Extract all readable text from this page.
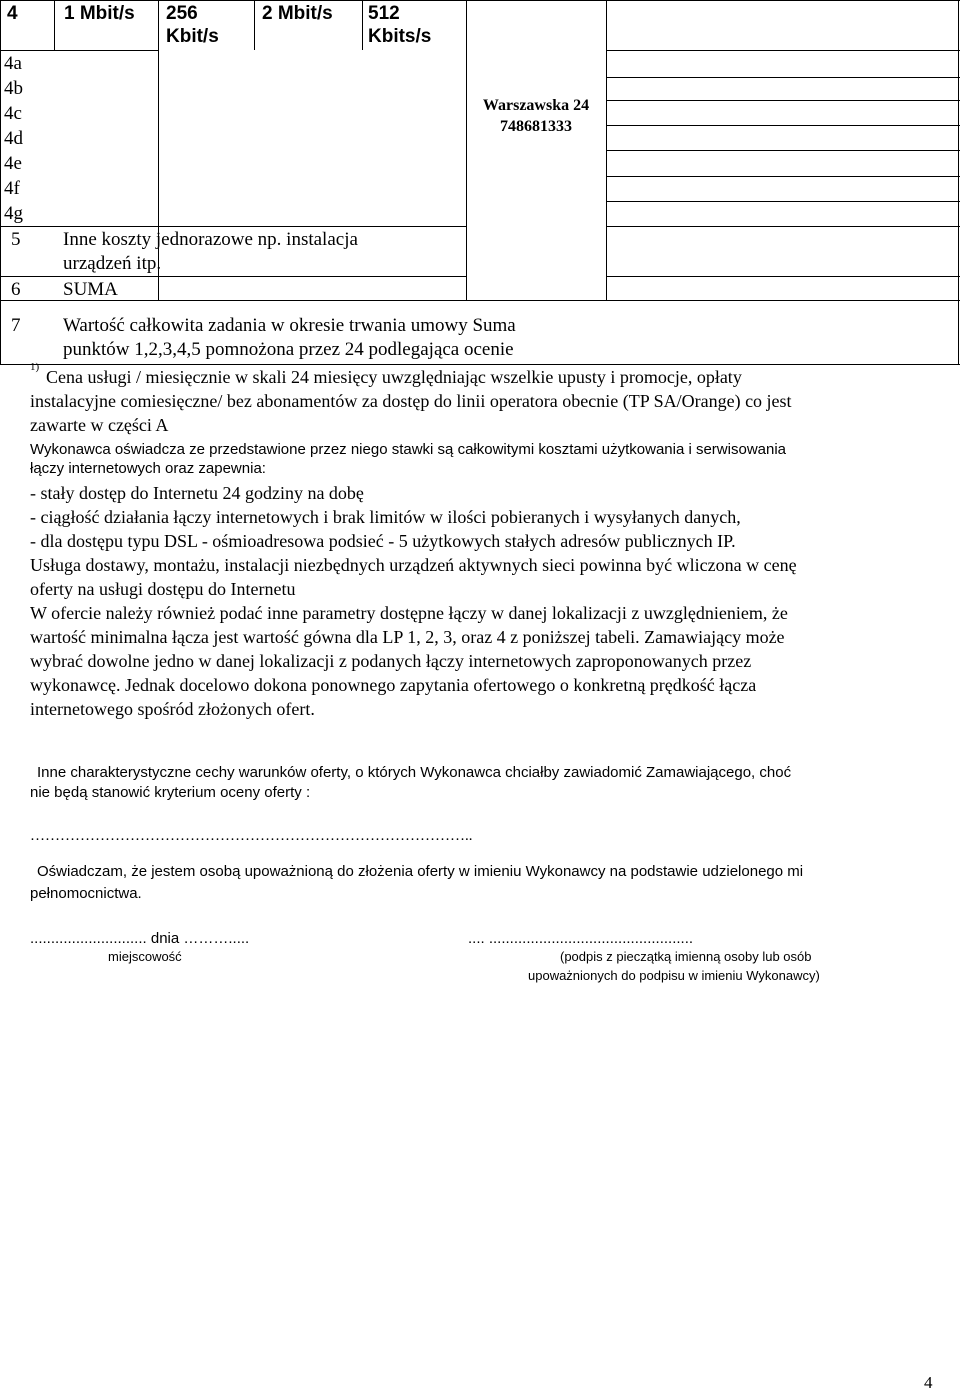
4 1 Mbit/s 256
Kbit/s
2 Mbit/s 512
Kbits/s
4a
4b
4c
4d
4e
4f
4g
Warszawska 24
748681333
5 Inne koszty jednorazowe np. instalacja
urządzeń itp.
6 SUMA
7 Wartość całkowita zadania w okresie trwania umowy Suma
punktów 1,2,3,4,5 pomnożona przez 24 podlegająca ocenie
1) Cena usługi / miesięcznie w skali 24 miesięcy uwzględniając wszelkie upusty i promocje, opłaty
instalacyjne comiesięczne/ bez abonamentów za dostęp do linii operatora obecnie (TP SA/Orange) co jest
zawarte w części A
Wykonawca oświadcza ze przedstawione przez niego stawki są całkowitymi kosztami użytkowania i serwisowania
łączy internetowych oraz zapewnia:
- stały dostęp do Internetu 24 godziny na dobę
- ciągłość działania łączy internetowych i brak limitów w ilości pobieranych i wysyłanych danych,
- dla dostępu typu DSL - ośmioadresowa podsieć - 5 użytkowych stałych adresów publicznych IP.
Usługa dostawy, montażu, instalacji niezbędnych urządzeń aktywnych sieci powinna być wliczona w cenę
oferty na usługi dostępu do Internetu
W ofercie należy również podać inne parametry dostępne łączy w danej lokalizacji z uwzględnieniem, że
wartość minimalna łącza jest wartość gówna dla LP 1, 2, 3, oraz 4 z poniższej tabeli. Zamawiający może
wybrać dowolne jedno w danej lokalizacji z podanych łączy internetowych zaproponowanych przez
wykonawcę. Jednak docelowo dokona ponownego zapytania ofertowego o konkretną prędkość łącza
internetowego spośród złożonych ofert.
Inne charakterystyczne cechy warunków oferty, o których Wykonawca chciałby zawiadomić Zamawiającego, choć
nie będą stanowić kryterium oceny oferty :
……………………………………………………………………………..
Oświadczam, że jestem osobą upoważnioną do złożenia oferty w imieniu Wykonawcy na podstawie udzielonego mi
pełnomocnictwa.
............................ dnia ……….....
miejscowość
.... .................................................
(podpis z pieczątką imienną osoby lub osób
upoważnionych do podpisu w imieniu Wykonawcy)
4
